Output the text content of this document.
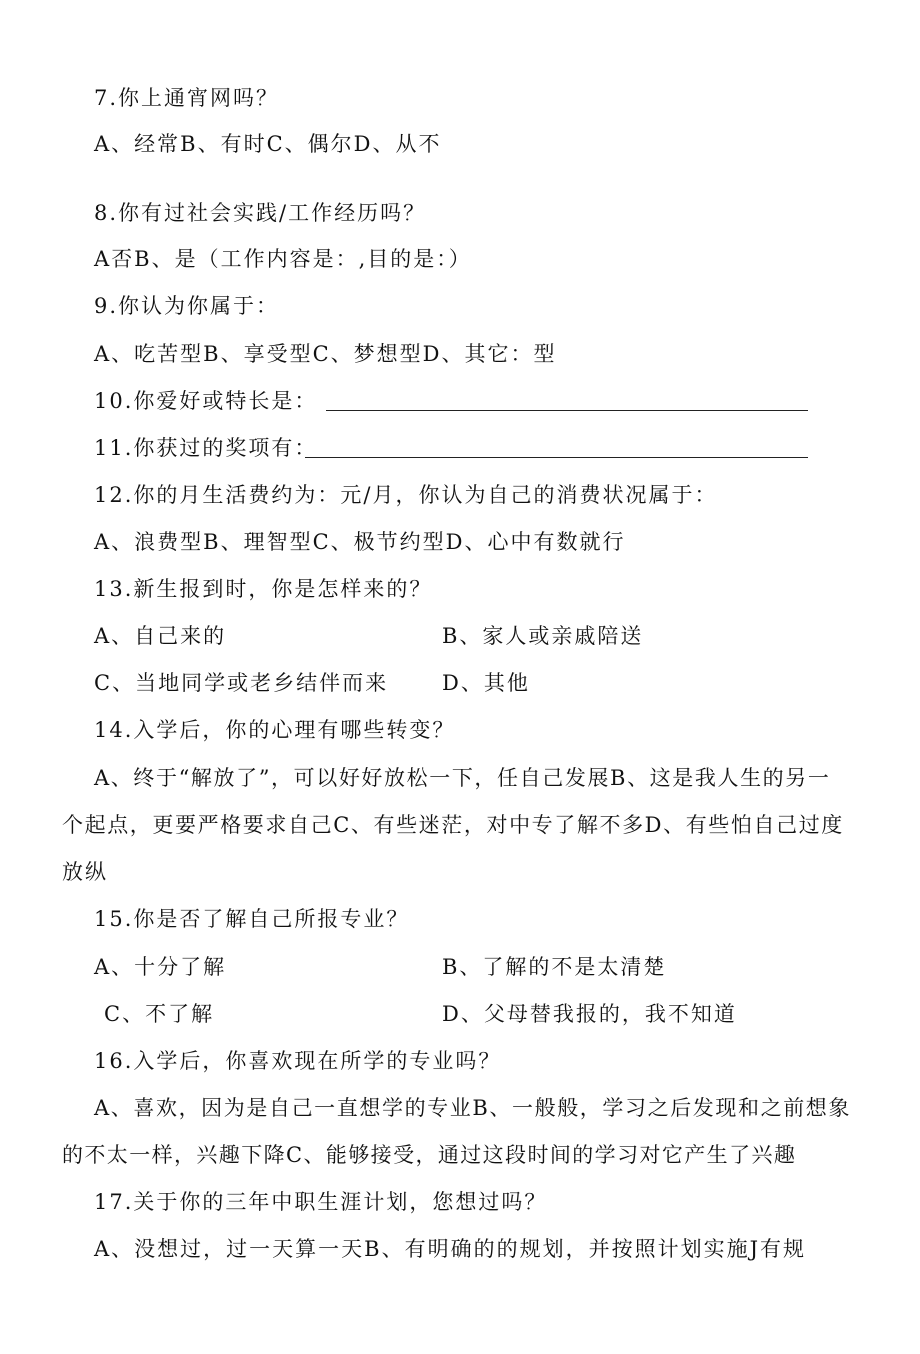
7.你上通宵网吗？
A、经常B、有时C、偶尔D、从不
8.你有过社会实践/工作经历吗？
A否B、是（工作内容是：,目的是：）
9.你认为你属于：
A、吃苦型B、享受型C、梦想型D、其它：型
10.你爱好或特长是：
11.你获过的奖项有：
12.你的月生活费约为：元/月，你认为自己的消费状况属于：
A、浪费型B、理智型C、极节约型D、心中有数就行
13.新生报到时，你是怎样来的？
A、自己来的	B、家人或亲戚陪送
C、当地同学或老乡结伴而来	D、其他
14.入学后，你的心理有哪些转变？
A、终于“解放了”，可以好好放松一下，任自己发展B、这是我人生的另一
个起点，更要严格要求自己C、有些迷茫，对中专了解不多D、有些怕自己过度
放纵
15.你是否了解自己所报专业？
A、十分了解	B、了解的不是太清楚
C、不了解	D、父母替我报的，我不知道
16.入学后，你喜欢现在所学的专业吗？
A、喜欢，因为是自己一直想学的专业B、一般般，学习之后发现和之前想象
的不太一样，兴趣下降C、能够接受，通过这段时间的学习对它产生了兴趣
17.关于你的三年中职生涯计划，您想过吗？
A、没想过，过一天算一天B、有明确的的规划，并按照计划实施J有规
